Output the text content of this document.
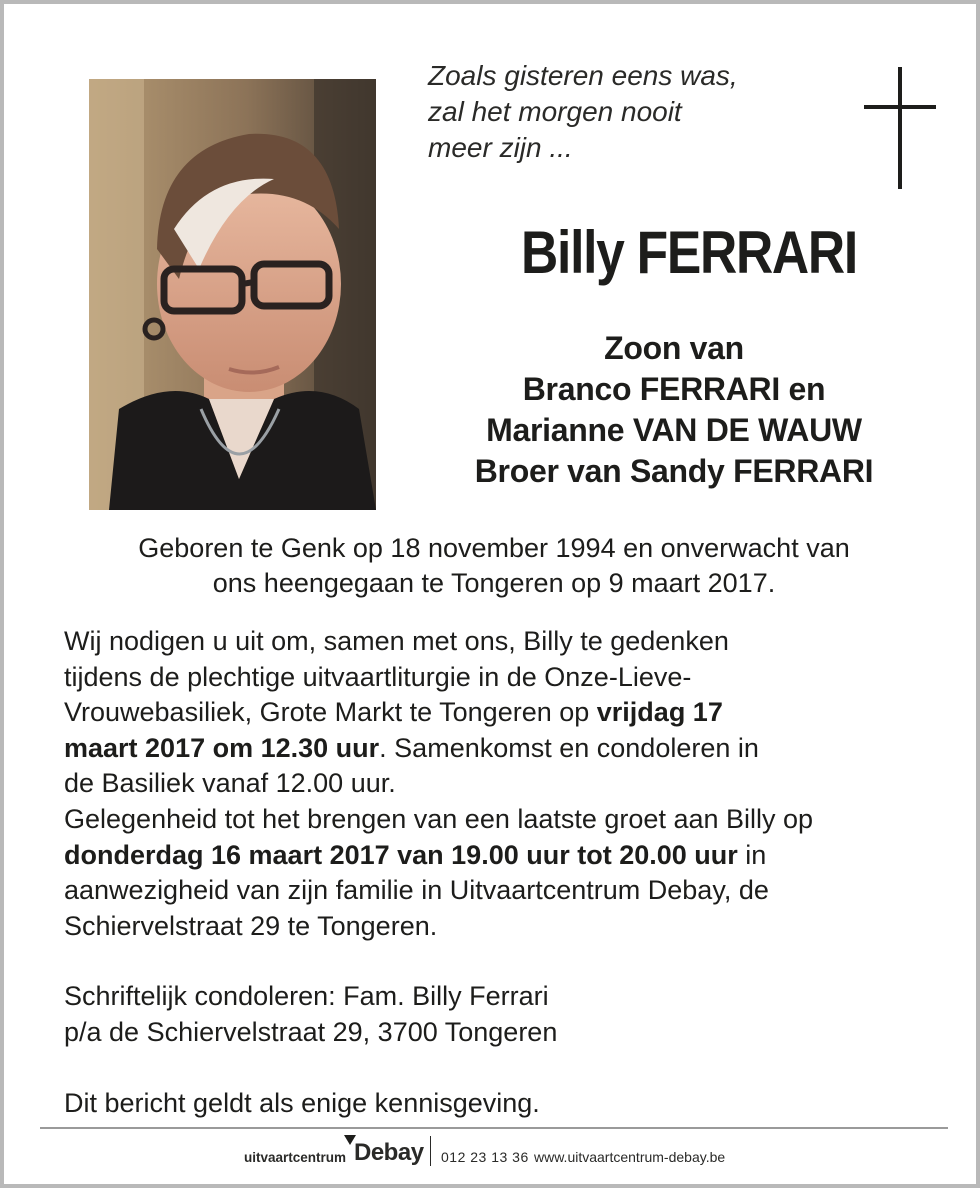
Zoals gisteren eens was,
zal het morgen nooit
meer zijn ...
Billy FERRARI
Zoon van
Branco FERRARI en
Marianne VAN DE WAUW
Broer van Sandy FERRARI
Geboren te Genk op 18 november 1994 en onverwacht van
ons heengegaan te Tongeren op 9 maart 2017.
Wij nodigen u uit om, samen met ons, Billy te gedenken
tijdens de plechtige uitvaartliturgie in de Onze-Lieve-
Vrouwebasiliek, Grote Markt te Tongeren op vrijdag 17
maart 2017 om 12.30 uur. Samenkomst en condoleren in
de Basiliek vanaf 12.00 uur.
Gelegenheid tot het brengen van een laatste groet aan Billy op
donderdag 16 maart 2017 van 19.00 uur tot 20.00 uur in
aanwezigheid van zijn familie in Uitvaartcentrum Debay, de
Schiervelstraat 29 te Tongeren.
Schriftelijk condoleren: Fam. Billy Ferrari
p/a de Schiervelstraat 29, 3700 Tongeren
Dit bericht geldt als enige kennisgeving.
uitvaartcentrum Debay 012 23 13 36 www.uitvaartcentrum-debay.be
